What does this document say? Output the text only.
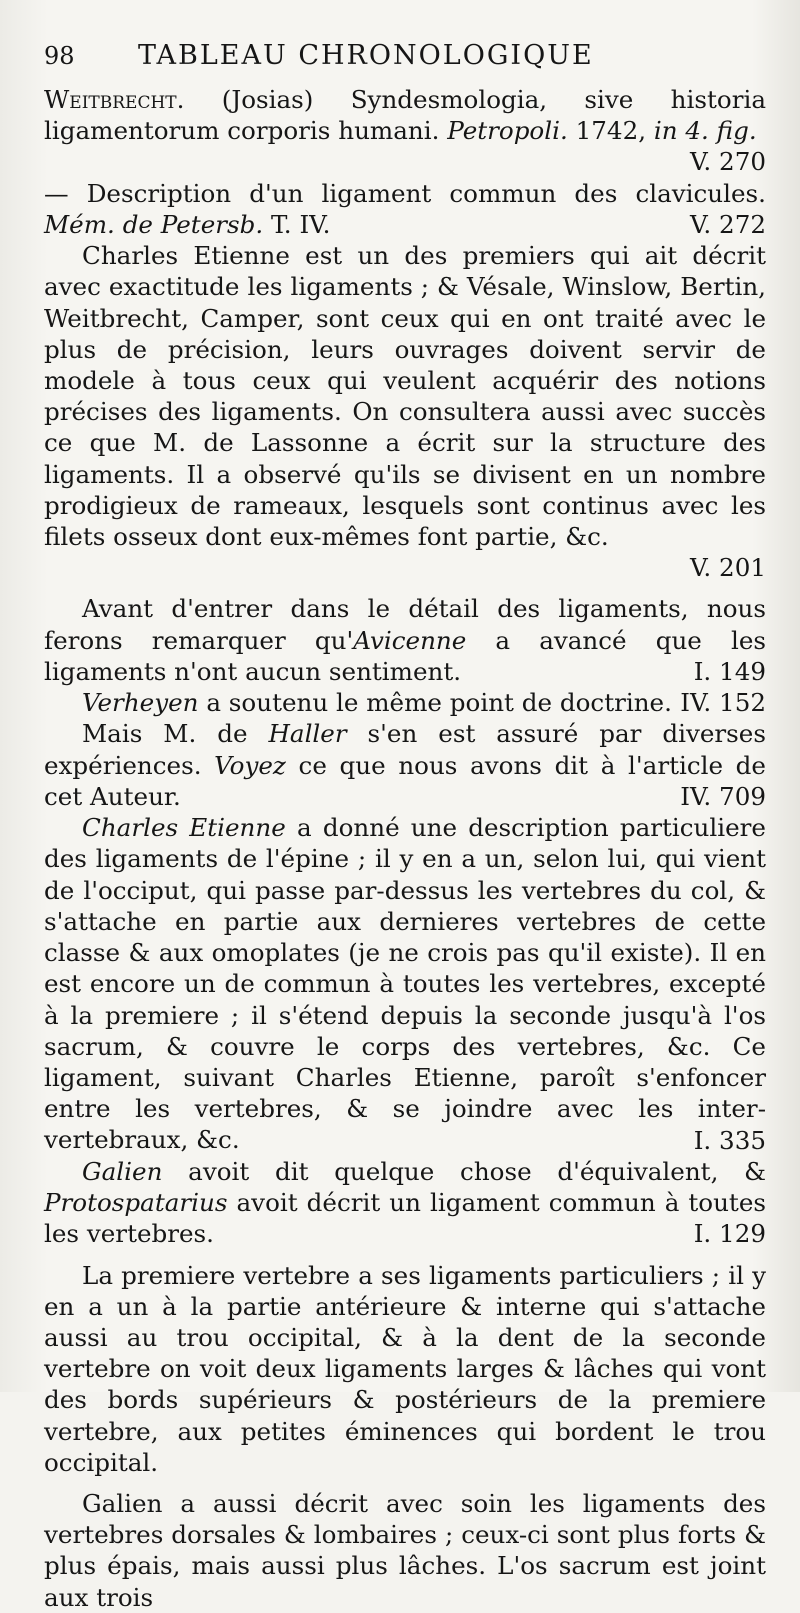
98	TABLEAU CHRONOLOGIQUE

Weitbrecht. (Josias) Syndesmologia, sive historia ligamentorum corporis humani. Petropoli. 1742, in 4. fig.

V. 270

— Description d'un ligament commun des clavicules. Mém. de Petersb. T. IV.	V. 272

Charles Etienne est un des premiers qui ait décrit avec exactitude les ligaments ; & Vésale, Winslow, Bertin, Weitbrecht, Camper, sont ceux qui en ont traité avec le plus de précision, leurs ouvrages doivent servir de modele à tous ceux qui veulent acquérir des notions précises des ligaments. On consultera aussi avec succès ce que M. de Lassonne a écrit sur la structure des ligaments. Il a observé qu'ils se divisent en un nombre prodigieux de rameaux, lesquels sont continus avec les filets osseux dont eux-mêmes font partie, &c.

V. 201

Avant d'entrer dans le détail des ligaments, nous ferons remarquer qu'Avicenne a avancé que les ligaments n'ont aucun sentiment.	I. 149
Verheyen a soutenu le même point de doctrine. IV. 152

Mais M. de Haller s'en est assuré par diverses expériences. Voyez ce que nous avons dit à l'article de cet Auteur.	IV. 709

Charles Etienne a donné une description particuliere des ligaments de l'épine ; il y en a un, selon lui, qui vient de l'occiput, qui passe par-dessus les vertebres du col, & s'attache en partie aux dernieres vertebres de cette classe & aux omoplates (je ne crois pas qu'il existe). Il en est encore un de commun à toutes les vertebres, excepté à la premiere ; il s'étend depuis la seconde jusqu'à l'os sacrum, & couvre le corps des vertebres, &c. Ce ligament, suivant Charles Etienne, paroît s'enfoncer entre les vertebres, & se joindre avec les inter-vertebraux, &c.	I. 335

Galien avoit dit quelque chose d'équivalent, & Protospatarius avoit décrit un ligament commun à toutes les vertebres.	I. 129

La premiere vertebre a ses ligaments particuliers ; il y en a un à la partie antérieure & interne qui s'attache aussi au trou occipital, & à la dent de la seconde vertebre on voit deux ligaments larges & lâches qui vont des bords supérieurs & postérieurs de la premiere vertebre, aux petites éminences qui bordent le trou occipital.

Galien a aussi décrit avec soin les ligaments des vertebres dorsales & lombaires ; ceux-ci sont plus forts & plus épais, mais aussi plus lâches. L'os sacrum est joint aux trois
